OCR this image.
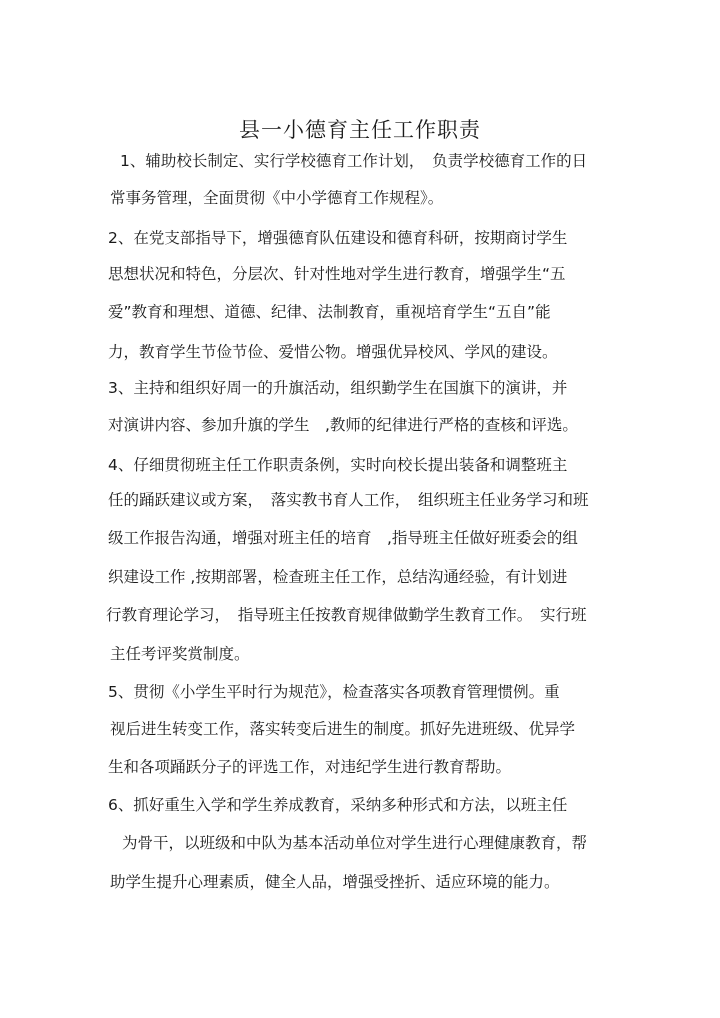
县一小德育主任工作职责
1、辅助校长制定、实行学校德育工作计划，　负责学校德育工作的日
常事务管理，全面贯彻《中小学德育工作规程》。
2、在党支部指导下，增强德育队伍建设和德育科研，按期商讨学生
思想状况和特色，分层次、针对性地对学生进行教育，增强学生“五
爱”教育和理想、道德、纪律、法制教育，重视培育学生“五自”能
力，教育学生节俭节俭、爱惜公物。增强优异校风、学风的建设。
3、主持和组织好周一的升旗活动，组织勤学生在国旗下的演讲，并
对演讲内容、参加升旗的学生　,教师的纪律进行严格的查核和评选。
4、仔细贯彻班主任工作职责条例，实时向校长提出装备和调整班主
任的踊跃建议或方案，　落实教书育人工作，　组织班主任业务学习和班
级工作报告沟通，增强对班主任的培育　,指导班主任做好班委会的组
织建设工作 ,按期部署，检查班主任工作，总结沟通经验，有计划进
行教育理论学习，　指导班主任按教育规律做勤学生教育工作。　实行班
主任考评奖赏制度。
5、贯彻《小学生平时行为规范》，检查落实各项教育管理惯例。重
视后进生转变工作，落实转变后进生的制度。抓好先进班级、优异学
生和各项踊跃分子的评选工作，对违纪学生进行教育帮助。
6、抓好重生入学和学生养成教育，采纳多种形式和方法，以班主任
为骨干，以班级和中队为基本活动单位对学生进行心理健康教育，帮
助学生提升心理素质，健全人品，增强受挫折、适应环境的能力。
